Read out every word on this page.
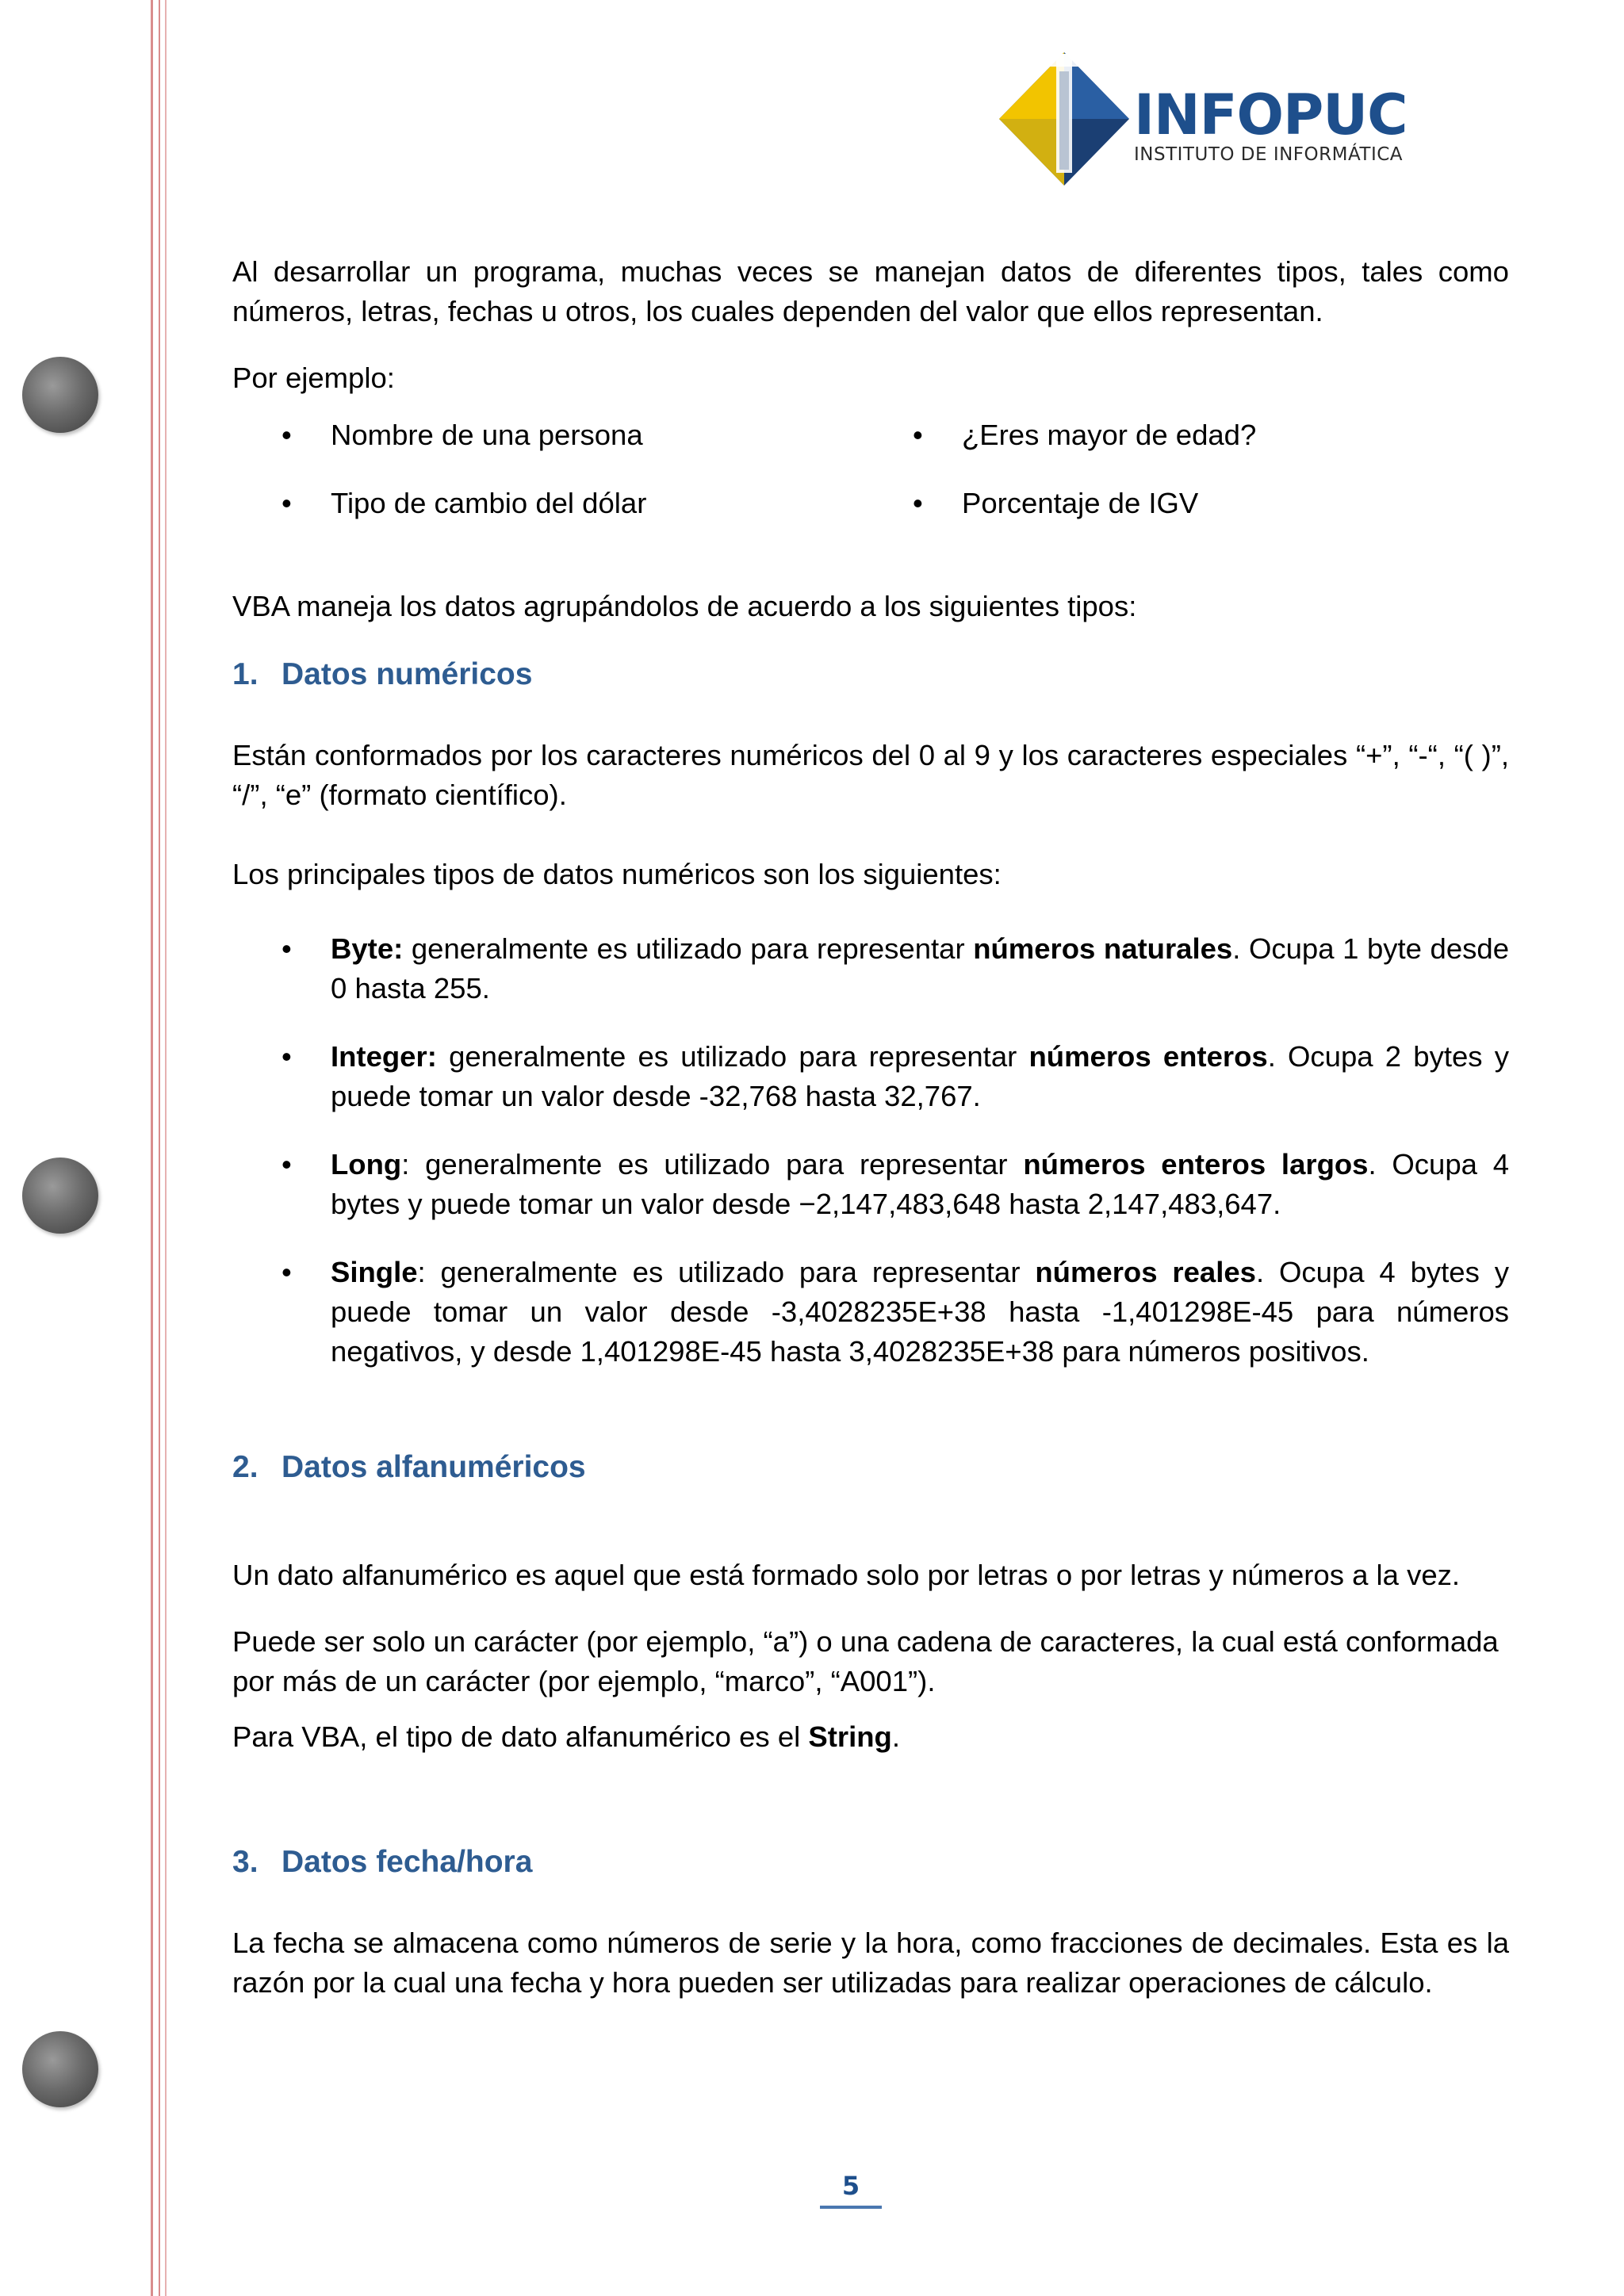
INFOPUC
INSTITUTO DE INFORMÁTICA

Al desarrollar un programa, muchas veces se manejan datos de diferentes tipos, tales como números, letras, fechas u otros, los cuales dependen del valor que ellos representan.

Por ejemplo:

• Nombre de una persona	• ¿Eres mayor de edad?
• Tipo de cambio del dólar	• Porcentaje de IGV

VBA maneja los datos agrupándolos de acuerdo a los siguientes tipos:

1. Datos numéricos

Están conformados por los caracteres numéricos del 0 al 9 y los caracteres especiales “+”, “-“, “( )”, “/”, “e” (formato científico).

Los principales tipos de datos numéricos son los siguientes:

• Byte: generalmente es utilizado para representar números naturales. Ocupa 1 byte desde 0 hasta 255.
• Integer: generalmente es utilizado para representar números enteros. Ocupa 2 bytes y puede tomar un valor desde -32,768 hasta 32,767.
• Long: generalmente es utilizado para representar números enteros largos. Ocupa 4 bytes y puede tomar un valor desde −2,147,483,648 hasta 2,147,483,647.
• Single: generalmente es utilizado para representar números reales. Ocupa 4 bytes y puede tomar un valor desde -3,4028235E+38 hasta -1,401298E-45 para números negativos, y desde 1,401298E-45 hasta 3,4028235E+38 para números positivos.
2. Datos alfanuméricos

Un dato alfanumérico es aquel que está formado solo por letras o por letras y números a la vez.

Puede ser solo un carácter (por ejemplo, “a”) o una cadena de caracteres, la cual está conformada por más de un carácter (por ejemplo, “marco”, “A001”).

Para VBA, el tipo de dato alfanumérico es el String.

3. Datos fecha/hora

La fecha se almacena como números de serie y la hora, como fracciones de decimales. Esta es la razón por la cual una fecha y hora pueden ser utilizadas para realizar operaciones de cálculo.

5
